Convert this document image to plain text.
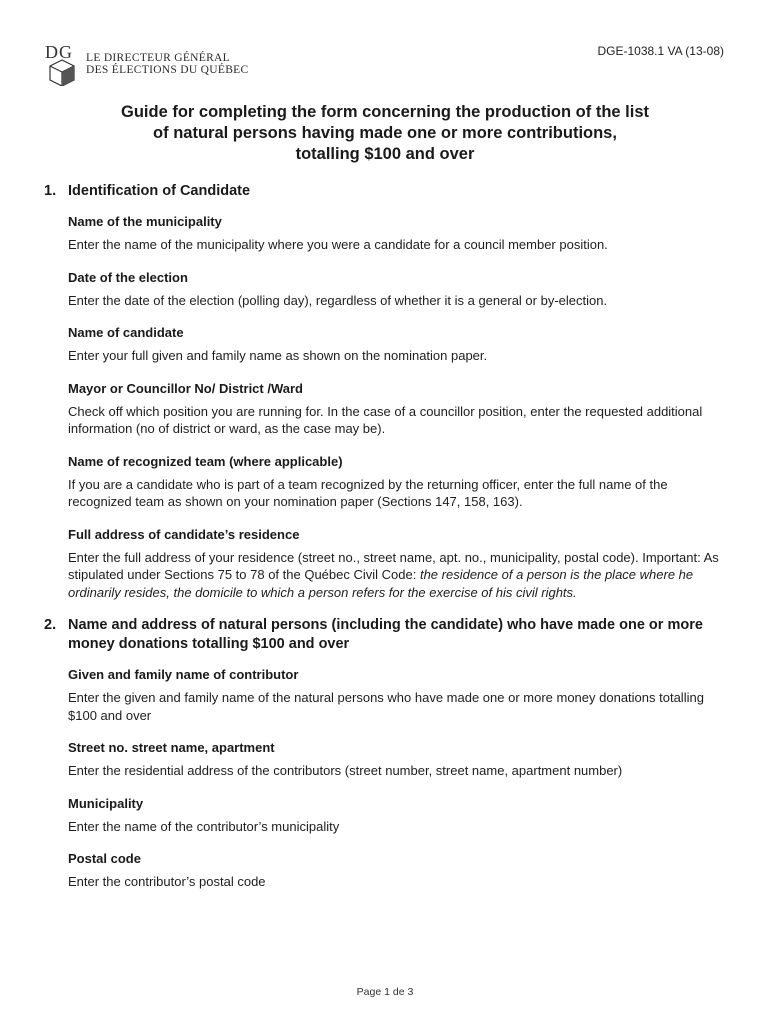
D G LE DIRECTEUR GÉNÉRAL
DES ÉLECTIONS DU QUÉBEC
DGE-1038.1 VA (13-08)
Guide for completing the form concerning the production of the list
of natural persons having made one or more contributions,
totalling $100 and over
1. Identification of Candidate
Name of the municipality
Enter the name of the municipality where you were a candidate for a council member position.
Date of the election
Enter the date of the election (polling day), regardless of whether it is a general or by-election.
Name of candidate
Enter your full given and family name as shown on the nomination paper.
Mayor or Councillor No/ District /Ward
Check off which position you are running for. In the case of a councillor position, enter the requested additional information (no of district or ward, as the case may be).
Name of recognized team (where applicable)
If you are a candidate who is part of a team recognized by the returning officer, enter the full name of the recognized team as shown on your nomination paper (Sections 147, 158, 163).
Full address of candidate’s residence
Enter the full address of your residence (street no., street name, apt. no., municipality, postal code). Important: As stipulated under Sections 75 to 78 of the Québec Civil Code: the residence of a person is the place where he ordinarily resides, the domicile to which a person refers for the exercise of his civil rights.
2. Name and address of natural persons (including the candidate) who have made one or more money donations totalling $100 and over
Given and family name of contributor
Enter the given and family name of the natural persons who have made one or more money donations totalling $100 and over
Street no. street name, apartment
Enter the residential address of the contributors (street number, street name, apartment number)
Municipality
Enter the name of the contributor’s municipality
Postal code
Enter the contributor’s postal code
Page 1 de 3
